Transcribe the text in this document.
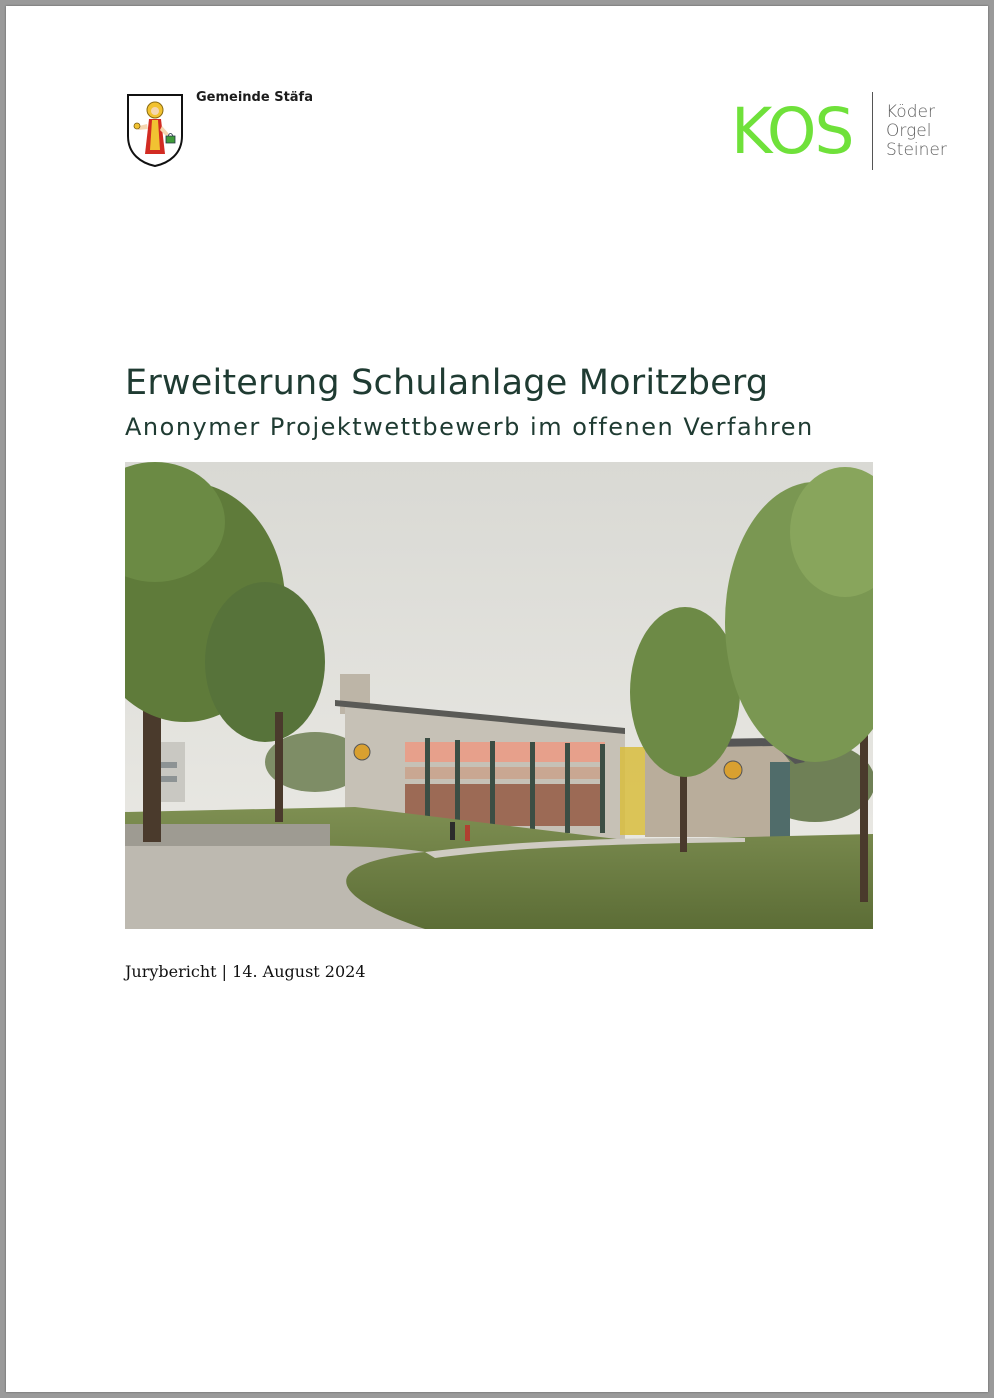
Gemeinde Stäfa	KOS Köder
Orgel
Steiner
Erweiterung Schulanlage Moritzberg
Anonymer Projektwettbewerb im offenen Verfahren
Jurybericht | 14. August 2024
